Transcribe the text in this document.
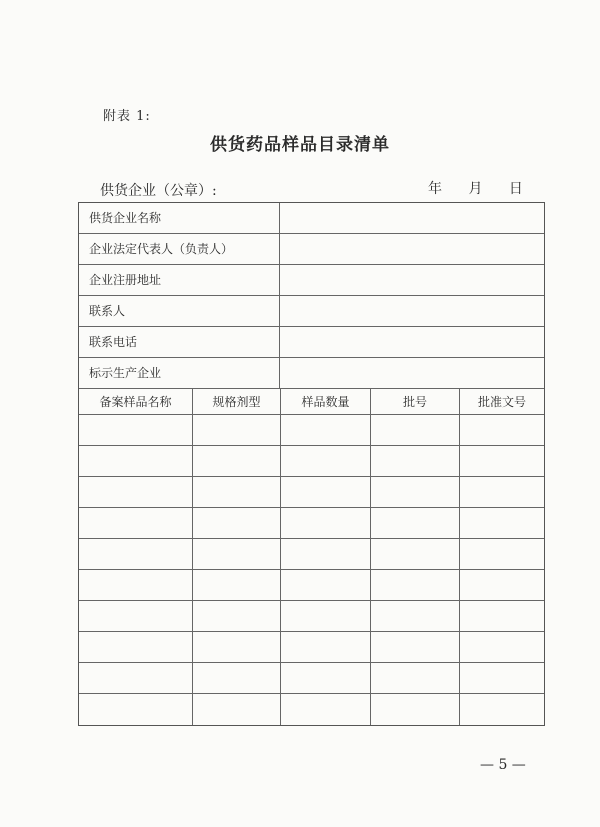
附表 1:
供货药品样品目录清单
供货企业（公章）:	年 月 日
供货企业名称
企业法定代表人（负责人）
企业注册地址
联系人
联系电话
标示生产企业
备案样品名称	规格剂型	样品数量	批号	批准文号
— 5 —
